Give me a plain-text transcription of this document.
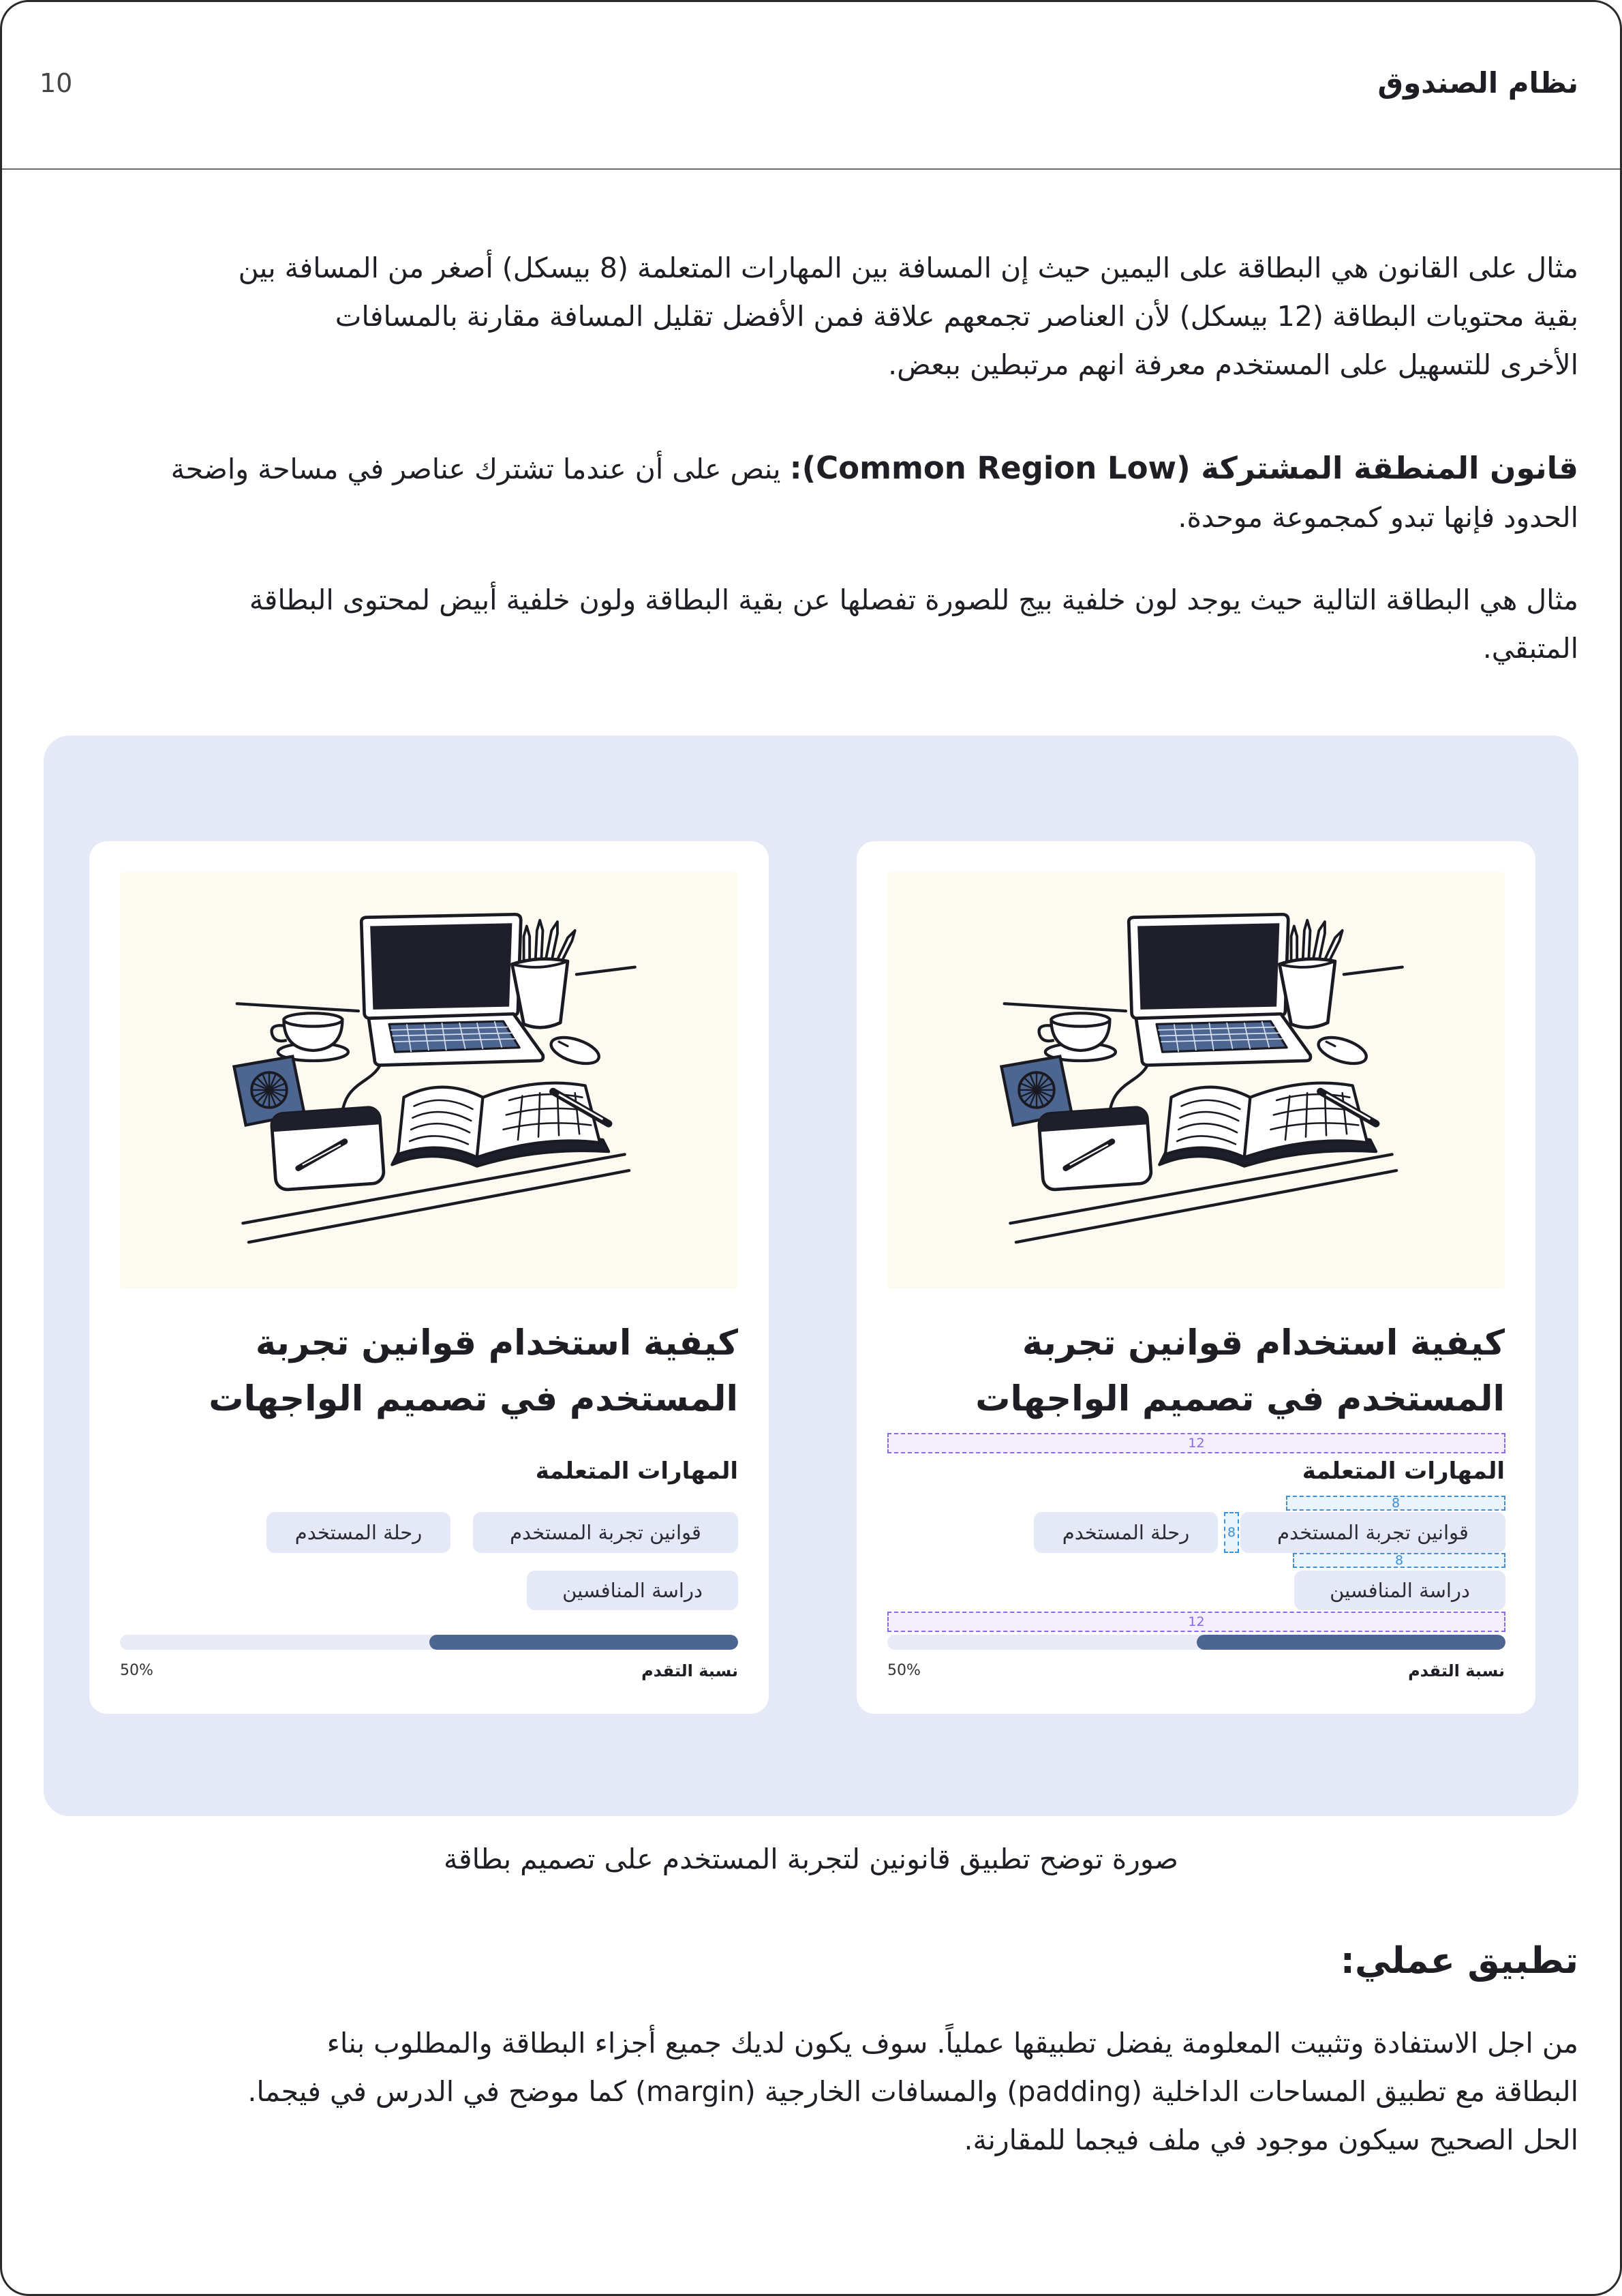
نظام الصندوق
10
مثال على القانون هي البطاقة على اليمين حيث إن المسافة بين المهارات المتعلمة (8 بيسكل) أصغر من المسافة بين
بقية محتويات البطاقة (12 بيسكل) لأن العناصر تجمعهم علاقة فمن الأفضل تقليل المسافة مقارنة بالمسافات
الأخرى للتسهيل على المستخدم معرفة انهم مرتبطين ببعض.
قانون المنطقة المشتركة (Common Region Low): ينص على أن عندما تشترك عناصر في مساحة واضحة
الحدود فإنها تبدو كمجموعة موحدة.
مثال هي البطاقة التالية حيث يوجد لون خلفية بيج للصورة تفصلها عن بقية البطاقة ولون خلفية أبيض لمحتوى البطاقة
المتبقي.
كيفية استخدام قوانين تجربة
المستخدم في تصميم الواجهات
المهارات المتعلمة
قوانين تجربة المستخدم
رحلة المستخدم
دراسة المنافسين
نسبة التقدم
50%
12
8
8
8
12
كيفية استخدام قوانين تجربة
المستخدم في تصميم الواجهات
المهارات المتعلمة
قوانين تجربة المستخدم
رحلة المستخدم
دراسة المنافسين
نسبة التقدم
50%
صورة توضح تطبيق قانونين لتجربة المستخدم على تصميم بطاقة
تطبيق عملي:
من اجل الاستفادة وتثبيت المعلومة يفضل تطبيقها عملياً. سوف يكون لديك جميع أجزاء البطاقة والمطلوب بناء
البطاقة مع تطبيق المساحات الداخلية (padding) والمسافات الخارجية (margin) كما موضح في الدرس في فيجما.
الحل الصحيح سيكون موجود في ملف فيجما للمقارنة.
